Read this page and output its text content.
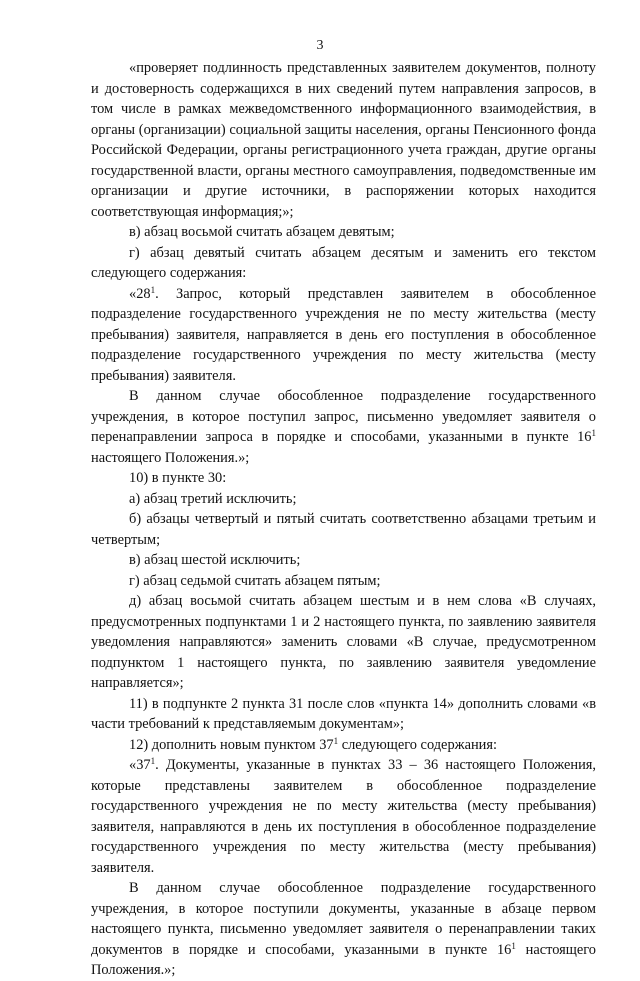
3

«проверяет подлинность представленных заявителем документов, полноту и достоверность содержащихся в них сведений путем направления запросов, в том числе в рамках межведомственного информационного взаимодействия, в органы (организации) социальной защиты населения, органы Пенсионного фонда Российской Федерации, органы регистрационного учета граждан, другие органы государственной власти, органы местного самоуправления, подведомственные им организации и другие источники, в распоряжении которых находится соответствующая информация;»;

в) абзац восьмой считать абзацем девятым;

г) абзац девятый считать абзацем десятым и заменить его текстом следующего содержания:

«$28^1$. Запрос, который представлен заявителем в обособленное подразделение государственного учреждения не по месту жительства (месту пребывания) заявителя, направляется в день его поступления в обособленное подразделение государственного учреждения по месту жительства (месту пребывания) заявителя.

В данном случае обособленное подразделение государственного учреждения, в которое поступил запрос, письменно уведомляет заявителя о перенаправлении запроса в порядке и способами, указанными в пункте $16^1$ настоящего Положения.»;

10) в пункте 30:

а) абзац третий исключить;

б) абзацы четвертый и пятый считать соответственно абзацами третьим и четвертым;

в) абзац шестой исключить;

г) абзац седьмой считать абзацем пятым;

д) абзац восьмой считать абзацем шестым и в нем слова «В случаях, предусмотренных подпунктами 1 и 2 настоящего пункта, по заявлению заявителя уведомления направляются» заменить словами «В случае, предусмотренном подпунктом 1 настоящего пункта, по заявлению заявителя уведомление направляется»;

11) в подпункте 2 пункта 31 после слов «пункта 14» дополнить словами «в части требований к представляемым документам»;

12) дополнить новым пунктом $37^1$ следующего содержания:

«$37^1$. Документы, указанные в пунктах 33 – 36 настоящего Положения, которые представлены заявителем в обособленное подразделение государственного учреждения не по месту жительства (месту пребывания) заявителя, направляются в день их поступления в обособленное подразделение государственного учреждения по месту жительства (месту пребывания) заявителя.

В данном случае обособленное подразделение государственного учреждения, в которое поступили документы, указанные в абзаце первом настоящего пункта, письменно уведомляет заявителя о перенаправлении таких документов в порядке и способами, указанными в пункте $16^1$ настоящего Положения.»;
